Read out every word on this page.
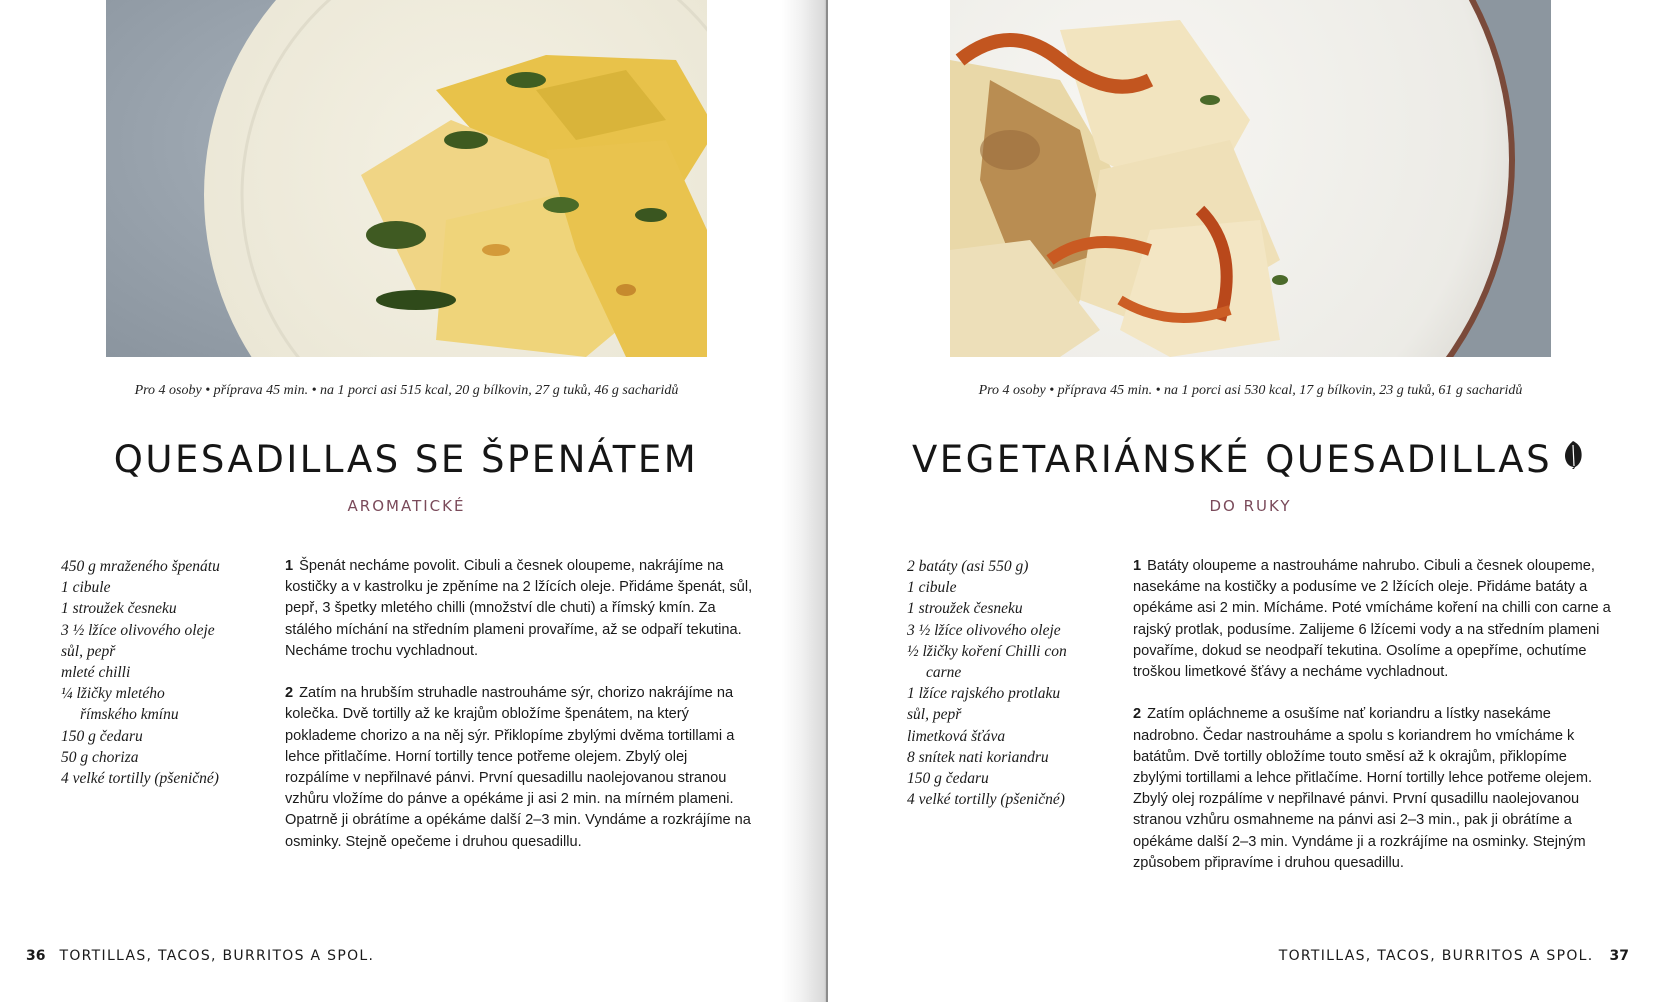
Pro 4 osoby • příprava 45 min. • na 1 porci asi 515 kcal, 20 g bílkovin, 27 g tuků, 46 g sacharidů
QUESADILLAS SE ŠPENÁTEM
AROMATICKÉ
450 g mraženého špenátu
1 cibule
1 stroužek česneku
3 ½ lžíce olivového oleje
sůl, pepř
mleté chilli
¼ lžičky mletého
římského kmínu
150 g čedaru
50 g choriza
4 velké tortilly (pšeničné)

1 Špenát necháme povolit. Cibuli a česnek oloupeme, nakrájíme na kostičky a v kastrolku je zpěníme na 2 lžících oleje. Přidáme špenát, sůl, pepř, 3 špetky mletého chilli (množství dle chuti) a římský kmín. Za stálého míchání na středním plameni provaříme, až se odpaří tekutina. Necháme trochu vychladnout.

2 Zatím na hrubším struhadle nastrouháme sýr, chorizo nakrájíme na kolečka. Dvě tortilly až ke krajům obložíme špenátem, na který poklademe chorizo a na něj sýr. Přiklopíme zbylými dvěma tortillami a lehce přitlačíme. Horní tortilly tence potřeme olejem. Zbylý olej rozpálíme v nepřilnavé pánvi. První quesadillu naolejovanou stranou vzhůru vložíme do pánve a opékáme ji asi 2 min. na mírném plameni. Opatrně ji obrátíme a opékáme další 2–3 min. Vyndáme a rozkrájíme na osminky. Stejně opečeme i druhou quesadillu.

36 TORTILLAS, TACOS, BURRITOS A SPOL.
Pro 4 osoby • příprava 45 min. • na 1 porci asi 530 kcal, 17 g bílkovin, 23 g tuků, 61 g sacharidů
VEGETARIÁNSKÉ QUESADILLAS
DO RUKY
2 batáty (asi 550 g)
1 cibule
1 stroužek česneku
3 ½ lžíce olivového oleje
½ lžičky koření Chilli con
carne
1 lžíce rajského protlaku
sůl, pepř
limetková šťáva
8 snítek nati koriandru
150 g čedaru
4 velké tortilly (pšeničné)

1 Batáty oloupeme a nastrouháme nahrubo. Cibuli a česnek oloupeme, nasekáme na kostičky a podusíme ve 2 lžících oleje. Přidáme batáty a opékáme asi 2 min. Mícháme. Poté vmícháme koření na chilli con carne a rajský protlak, podusíme. Zalijeme 6 lžícemi vody a na středním plameni povaříme, dokud se neodpaří tekutina. Osolíme a opepříme, ochutíme troškou limetkové šťávy a necháme vychladnout.

2 Zatím opláchneme a osušíme nať koriandru a lístky nasekáme nadrobno. Čedar nastrouháme a spolu s koriandrem ho vmícháme k batátům. Dvě tortilly obložíme touto směsí až k okrajům, přiklopíme zbylými tortillami a lehce přitlačíme. Horní tortilly lehce potřeme olejem. Zbylý olej rozpálíme v nepřilnavé pánvi. První qusadillu naolejovanou stranou vzhůru osmahneme na pánvi asi 2–3 min., pak ji obrátíme a opékáme další 2–3 min. Vyndáme ji a rozkrájíme na osminky. Stejným způsobem připravíme i druhou quesadillu.

TORTILLAS, TACOS, BURRITOS A SPOL. 37
